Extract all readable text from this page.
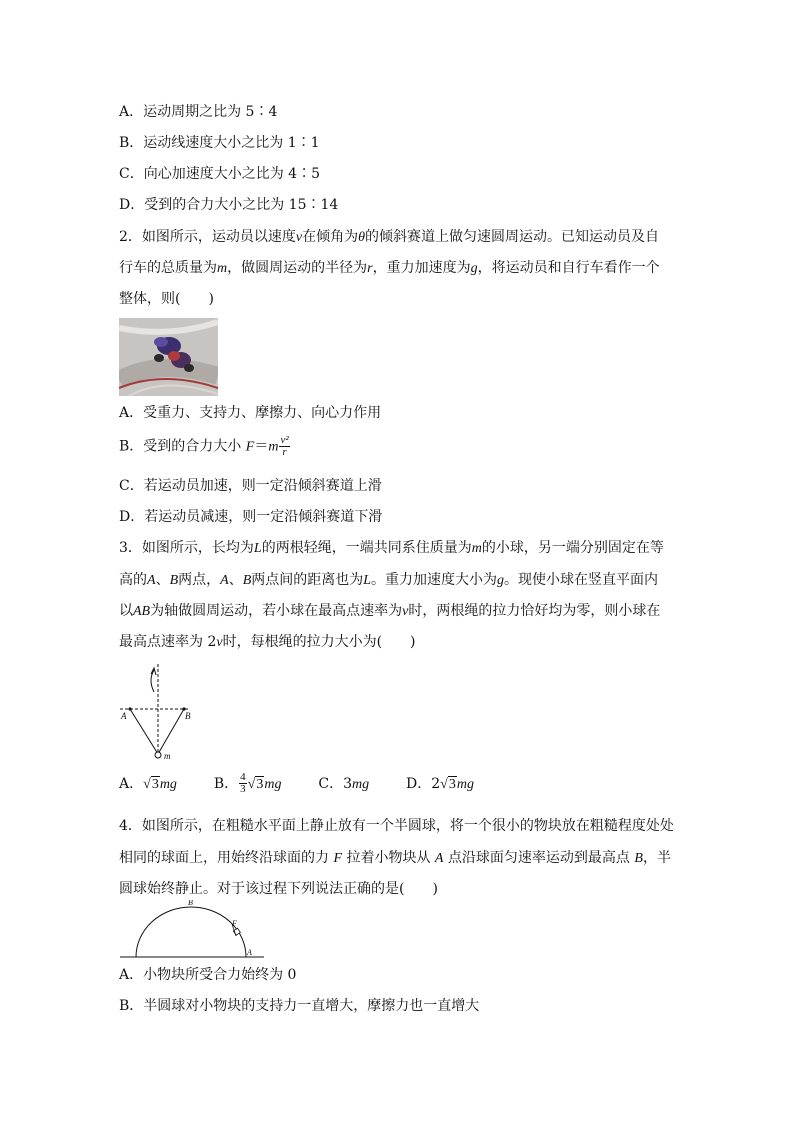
A．运动周期之比为 5∶4
B．运动线速度大小之比为 1∶1
C．向心加速度大小之比为 4∶5
D．受到的合力大小之比为 15∶14
2．如图所示，运动员以速度v在倾角为θ的倾斜赛道上做匀速圆周运动。已知运动员及自
行车的总质量为m，做圆周运动的半径为r，重力加速度为g，将运动员和自行车看作一个
整体，则(　　)
A．受重力、支持力、摩擦力、向心力作用
B．受到的合力大小 $F=m \frac{\text{v²}}{r}$
C．若运动员加速，则一定沿倾斜赛道上滑
D．若运动员减速，则一定沿倾斜赛道下滑
3．如图所示，长均为L的两根轻绳，一端共同系住质量为m的小球，另一端分别固定在等
高的A、B两点，A、B两点间的距离也为L。重力加速度大小为g。现使小球在竖直平面内
以AB为轴做圆周运动，若小球在最高点速率为v时，两根绳的拉力恰好均为零，则小球在
最高点速率为 2v时，每根绳的拉力大小为(　　)
A	B
m
A．√3mg	B． $\frac{4}{3} √3mg$	C．3mg	D．2√3mg
4．如图所示，在粗糙水平面上静止放有一个半圆球，将一个很小的物块放在粗糙程度处处
相同的球面上，用始终沿球面的力 F 拉着小物块从 A 点沿球面匀速率运动到最高点 B，半
圆球始终静止。对于该过程下列说法正确的是(　　)
B
F
A
A．小物块所受合力始终为 0
B．半圆球对小物块的支持力一直增大，摩擦力也一直增大
